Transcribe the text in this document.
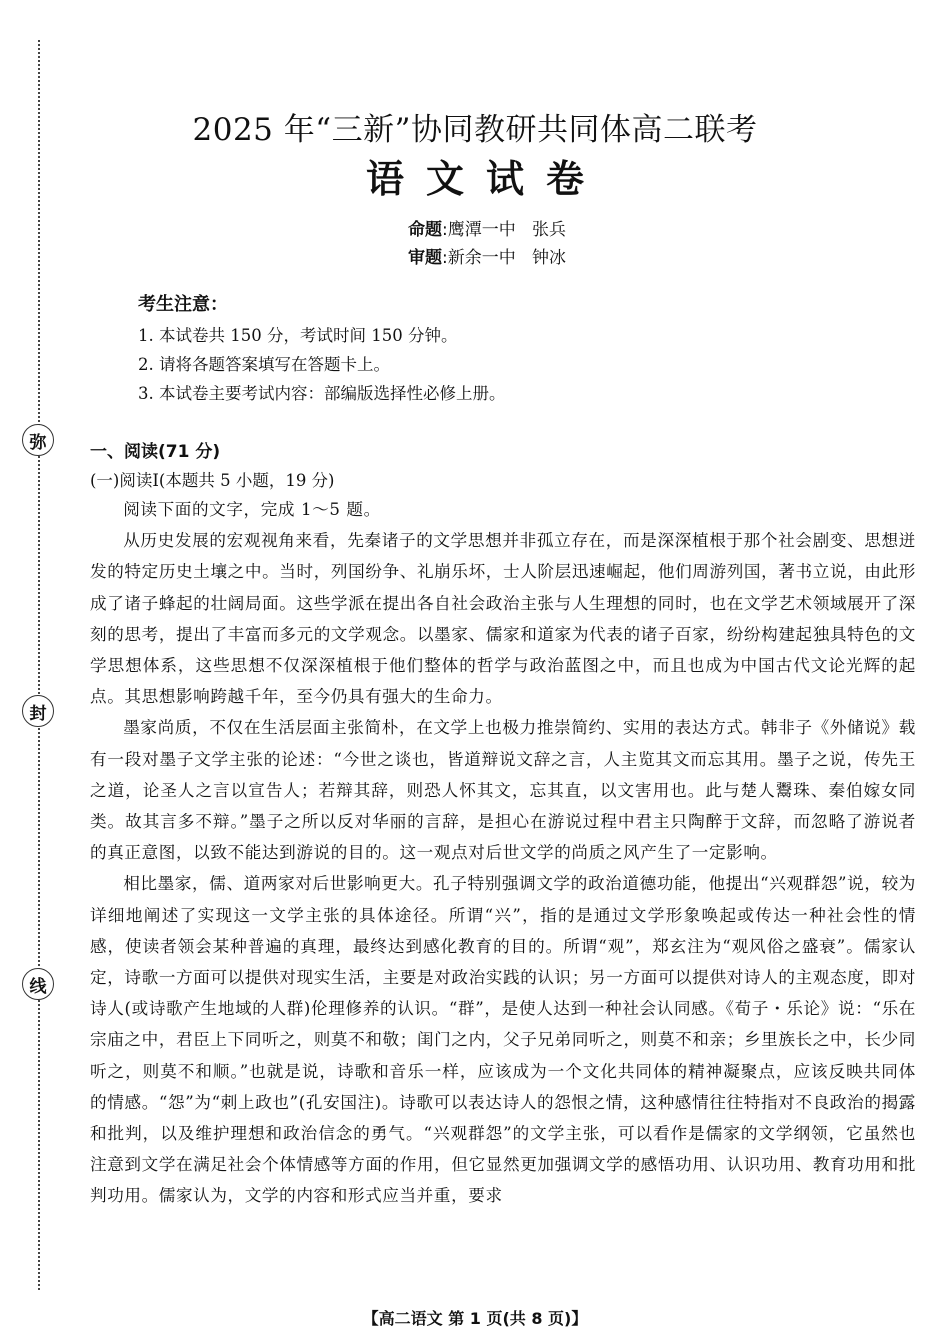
弥
封
线
2025 年“三新”协同教研共同体高二联考
语文试卷
命题:鹰潭一中   张兵
审题:新余一中   钟冰
考生注意：
1. 本试卷共 150 分，考试时间 150 分钟。
2. 请将各题答案填写在答题卡上。
3. 本试卷主要考试内容：部编版选择性必修上册。
一、阅读(71 分)
(一)阅读Ⅰ(本题共 5 小题，19 分)

阅读下面的文字，完成 1～5 题。

从历史发展的宏观视角来看，先秦诸子的文学思想并非孤立存在，而是深深植根于那个社会剧变、思想迸发的特定历史土壤之中。当时，列国纷争、礼崩乐坏，士人阶层迅速崛起，他们周游列国，著书立说，由此形成了诸子蜂起的壮阔局面。这些学派在提出各自社会政治主张与人生理想的同时，也在文学艺术领域展开了深刻的思考，提出了丰富而多元的文学观念。以墨家、儒家和道家为代表的诸子百家，纷纷构建起独具特色的文学思想体系，这些思想不仅深深植根于他们整体的哲学与政治蓝图之中，而且也成为中国古代文论光辉的起点。其思想影响跨越千年，至今仍具有强大的生命力。

墨家尚质，不仅在生活层面主张简朴，在文学上也极力推崇简约、实用的表达方式。韩非子《外储说》载有一段对墨子文学主张的论述：“今世之谈也，皆道辩说文辞之言，人主览其文而忘其用。墨子之说，传先王之道，论圣人之言以宣告人；若辩其辞，则恐人怀其文，忘其直，以文害用也。此与楚人鬻珠、秦伯嫁女同类。故其言多不辩。”墨子之所以反对华丽的言辞，是担心在游说过程中君主只陶醉于文辞，而忽略了游说者的真正意图，以致不能达到游说的目的。这一观点对后世文学的尚质之风产生了一定影响。

相比墨家，儒、道两家对后世影响更大。孔子特别强调文学的政治道德功能，他提出“兴观群怨”说，较为详细地阐述了实现这一文学主张的具体途径。所谓“兴”，指的是通过文学形象唤起或传达一种社会性的情感，使读者领会某种普遍的真理，最终达到感化教育的目的。所谓“观”，郑玄注为“观风俗之盛衰”。儒家认定，诗歌一方面可以提供对现实生活，主要是对政治实践的认识；另一方面可以提供对诗人的主观态度，即对诗人(或诗歌产生地域的人群)伦理修养的认识。“群”，是使人达到一种社会认同感。《荀子・乐论》说：“乐在宗庙之中，君臣上下同听之，则莫不和敬；闺门之内，父子兄弟同听之，则莫不和亲；乡里族长之中，长少同听之，则莫不和顺。”也就是说，诗歌和音乐一样，应该成为一个文化共同体的精神凝聚点，应该反映共同体的情感。“怨”为“刺上政也”(孔安国注)。诗歌可以表达诗人的怨恨之情，这种感情往往特指对不良政治的揭露和批判，以及维护理想和政治信念的勇气。“兴观群怨”的文学主张，可以看作是儒家的文学纲领，它虽然也注意到文学在满足社会个体情感等方面的作用，但它显然更加强调文学的感悟功用、认识功用、教育功用和批判功用。儒家认为，文学的内容和形式应当并重，要求

【高二语文 第 1 页(共 8 页)】
